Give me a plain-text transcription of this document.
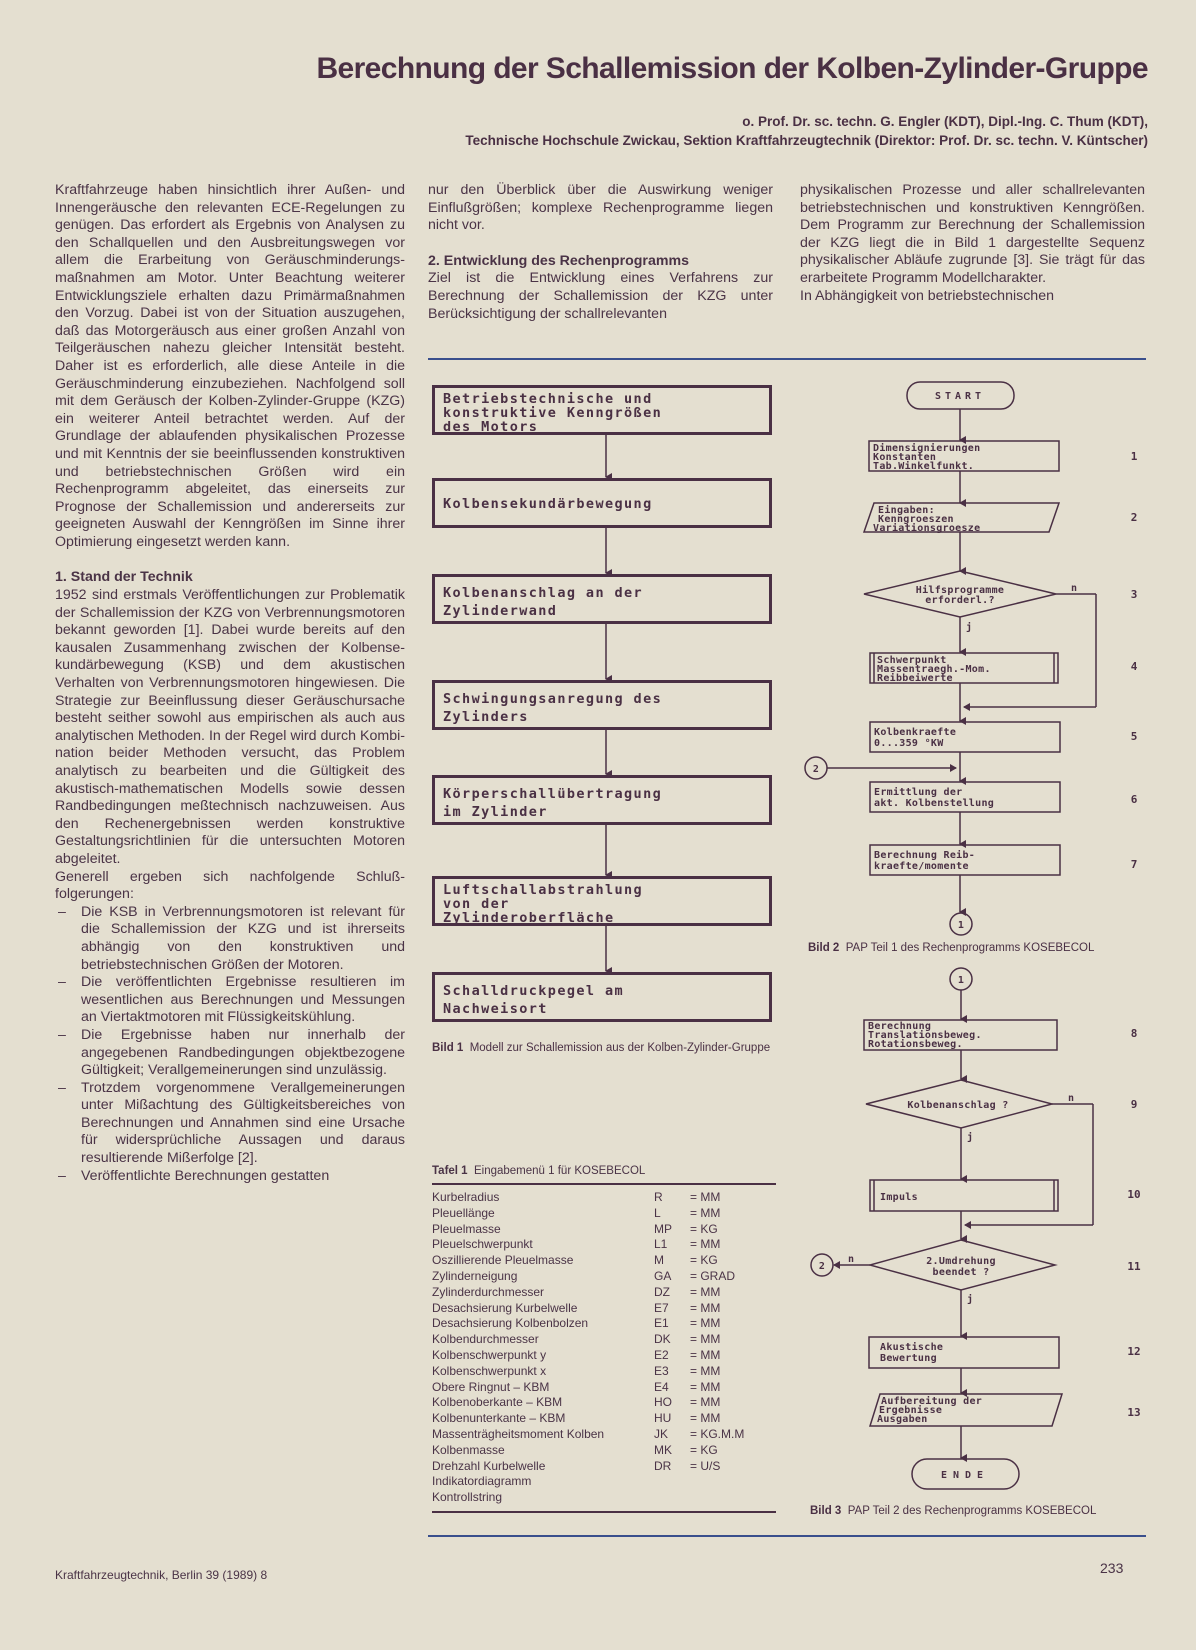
Berechnung der Schallemission der Kolben-Zylinder-Gruppe
o. Prof. Dr. sc. techn. G. Engler (KDT), Dipl.-Ing. C. Thum (KDT),
Technische Hochschule Zwickau, Sektion Kraftfahrzeugtechnik (Direktor: Prof. Dr. sc. techn. V. Küntscher)

Kraftfahrzeuge haben hinsichtlich ihrer Außen- und Innengeräusche den relevanten ECE-Regelungen zu genügen. Das erfordert als Ergebnis von Analysen zu den Schallquellen und den Ausbreitungswegen vor allem die Erarbeitung von Geräuschminderungsmaßnahmen am Motor. Unter Beachtung weiterer Entwicklungsziele erhalten dazu Primärmaßnahmen den Vorzug. Dabei ist von der Situation auszugehen, daß das Motorgeräusch aus einer großen Anzahl von Teilgeräuschen nahezu gleicher Intensität besteht. Daher ist es erforderlich, alle diese Anteile in die Geräuschminderung einzubeziehen. Nachfolgend soll mit dem Geräusch der Kolben-Zylinder-Gruppe (KZG) ein weiterer Anteil betrachtet werden. Auf der Grundlage der ablaufenden physikalischen Prozesse und mit Kenntnis der sie beeinflussenden konstruktiven und betriebstechnischen Größen wird ein Rechenprogramm abgeleitet, das einerseits zur Prognose der Schallemission und andererseits zur geeigneten Auswahl der Kenngrößen im Sinne ihrer Optimierung eingesetzt werden kann.

1. Stand der Technik

1952 sind erstmals Veröffentlichungen zur Problematik der Schallemission der KZG von Verbrennungsmotoren bekannt geworden [1]. Dabei wurde bereits auf den kausalen Zusammenhang zwischen der Kolbensekundärbewegung (KSB) und dem akustischen Verhalten von Verbrennungsmotoren hingewiesen. Die Strategie zur Beeinflussung dieser Geräuschursache besteht seither sowohl aus empirischen als auch aus analytischen Methoden. In der Regel wird durch Kombination beider Methoden versucht, das Problem analytisch zu bearbeiten und die Gültigkeit des akustisch-mathematischen Modells sowie dessen Randbedingungen meßtechnisch nachzuweisen. Aus den Rechenergebnissen werden konstruktive Gestaltungsrichtlinien für die untersuchten Motoren abgeleitet.

Generell ergeben sich nachfolgende Schlußfolgerungen:

– Die KSB in Verbrennungsmotoren ist relevant für die Schallemission der KZG und ist ihrerseits abhängig von den konstruktiven und betriebstechnischen Größen der Motoren.
– Die veröffentlichten Ergebnisse resultieren im wesentlichen aus Berechnungen und Messungen an Viertaktmotoren mit Flüssigkeitskühlung.
– Die Ergebnisse haben nur innerhalb der angegebenen Randbedingungen objektbezogene Gültigkeit; Verallgemeinerungen sind unzulässig.
– Trotzdem vorgenommene Verallgemeinerungen unter Mißachtung des Gültigkeitsbereiches von Berechnungen und Annahmen sind eine Ursache für widersprüchliche Aussagen und daraus resultierende Mißerfolge [2].
– Veröffentlichte Berechnungen gestatten

nur den Überblick über die Auswirkung weniger Einflußgrößen; komplexe Rechenprogramme liegen nicht vor.

2. Entwicklung des Rechenprogramms

Ziel ist die Entwicklung eines Verfahrens zur Berechnung der Schallemission der KZG unter Berücksichtigung der schallrelevanten

physikalischen Prozesse und aller schallrelevanten betriebstechnischen und konstruktiven Kenngrößen. Dem Programm zur Berechnung der Schallemission der KZG liegt die in Bild 1 dargestellte Sequenz physikalischer Abläufe zugrunde [3]. Sie trägt für das erarbeitete Programm Modellcharakter.

In Abhängigkeit von betriebstechnischen

Betriebstechnische und
konstruktive Kenngrößen
des Motors
Kolbensekundärbewegung
Kolbenanschlag an der
Zylinderwand
Schwingungsanregung des
Zylinders
Körperschallübertragung
im Zylinder
Luftschallabstrahlung
von der
Zylinderoberfläche
Schalldruckpegel am
Nachweisort
Bild 1 Modell zur Schallemission aus der Kolben-Zylinder-Gruppe
START
Dimensignierungen
Konstanten
Tab.Winkelfunkt.
Eingaben:
Kenngroeszen
Variationsgroesze
Hilfsprogramme
erforderl.?
n
j
Schwerpunkt
Massentraegh.-Mom.
Reibbeiwerte
Kolbenkraefte
0...359 °KW
2
Ermittlung der
akt. Kolbenstellung
Berechnung Reib-
kraefte/momente
1
1
Berechnung
Translationsbeweg.
Rotationsbeweg.
Kolbenanschlag ?
n
j
Impuls
2.Umdrehung
beendet ?
n
j
2
Akustische
Bewertung
Aufbereitung der
Ergebnisse
Ausgaben
ENDE
1
2
3
4
5
6
7
8
9
10
11
12
13
Bild 2 PAP Teil 1 des Rechenprogramms KOSEBECOL
Bild 3 PAP Teil 2 des Rechenprogramms KOSEBECOL
Tafel 1 Eingabemenü 1 für KOSEBECOL
Kurbelradius	R	= MM
Pleuellänge	L	= MM
Pleuelmasse	MP	= KG
Pleuelschwerpunkt	L1	= MM
Oszillierende Pleuelmasse	M	= KG
Zylinderneigung	GA	= GRAD
Zylinderdurchmesser	DZ	= MM
Desachsierung Kurbelwelle	E7	= MM
Desachsierung Kolbenbolzen	E1	= MM
Kolbendurchmesser	DK	= MM
Kolbenschwerpunkt y	E2	= MM
Kolbenschwerpunkt x	E3	= MM
Obere Ringnut – KBM	E4	= MM
Kolbenoberkante – KBM	HO	= MM
Kolbenunterkante – KBM	HU	= MM
Massenträgheitsmoment Kolben	JK	= KG.M.M
Kolbenmasse	MK	= KG
Drehzahl Kurbelwelle	DR	= U/S
Indikatordiagramm
Kontrollstring
Kraftfahrzeugtechnik, Berlin 39 (1989) 8	233
